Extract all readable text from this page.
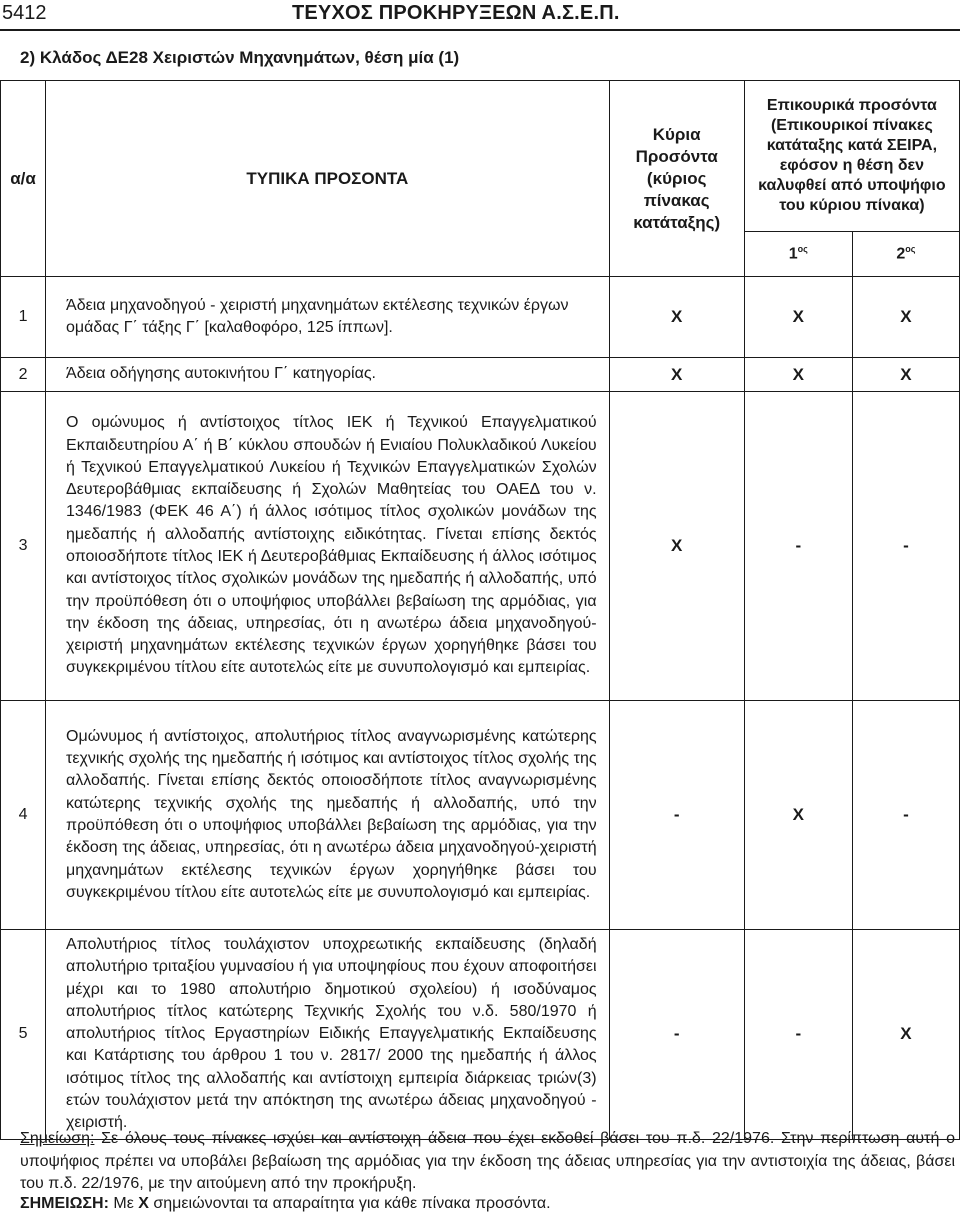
5412	ΤΕΥΧΟΣ ΠΡΟΚΗΡΥΞΕΩΝ Α.Σ.Ε.Π.
2) Κλάδος ΔΕ28 Χειριστών Μηχανημάτων, θέση μία (1)
α/α	ΤΥΠΙΚΑ ΠΡΟΣΟΝΤΑ	Κύρια Προσόντα (κύριος πίνακας κατάταξης)	Επικουρικά προσόντα (Επικουρικοί πίνακες κατάταξης κατά ΣΕΙΡΑ, εφόσον η θέση δεν καλυφθεί από υποψήφιο του κύριου πίνακα)	
			$1^{o\varsigma}$	$2^{o\varsigma}$
1	Άδεια μηχανοδηγού - χειριστή μηχανημάτων εκτέλεσης τεχνικών έργων ομάδας Γ΄ τάξης Γ΄ [καλαθοφόρο, 125 ίππων].	Χ	Χ	Χ
2	Άδεια οδήγησης αυτοκινήτου Γ΄ κατηγορίας.	Χ	Χ	Χ
3	Ο ομώνυμος ή αντίστοιχος τίτλος ΙΕΚ ή Τεχνικού Επαγγελματικού Εκπαιδευτηρίου Α΄ ή Β΄ κύκλου σπουδών ή Ενιαίου Πολυκλαδικού Λυκείου ή Τεχνικού Επαγγελματικού Λυκείου ή Τεχνικών Επαγγελματικών Σχολών Δευτεροβάθμιας εκπαίδευσης ή Σχολών Μαθητείας του ΟΑΕΔ του ν. 1346/1983 (ΦΕΚ 46 Α΄) ή άλλος ισότιμος τίτλος σχολικών μονάδων της ημεδαπής ή αλλοδαπής αντίστοιχης ειδικότητας. Γίνεται επίσης δεκτός οποιοσδήποτε τίτλος ΙΕΚ ή Δευτεροβάθμιας Εκπαίδευσης ή άλλος ισότιμος και αντίστοιχος τίτλος σχολικών μονάδων της ημεδαπής ή αλλοδαπής, υπό την προϋπόθεση ότι ο υποψήφιος υποβάλλει βεβαίωση της αρμόδιας, για την έκδοση της άδειας, υπηρεσίας, ότι η ανωτέρω άδεια μηχανοδηγού-χειριστή μηχανημάτων εκτέλεσης τεχνικών έργων χορηγήθηκε βάσει του συγκεκριμένου τίτλου είτε αυτοτελώς είτε με συνυπολογισμό και εμπειρίας.	Χ	-	-
4	Ομώνυμος ή αντίστοιχος, απολυτήριος τίτλος αναγνωρισμένης κατώτερης τεχνικής σχολής της ημεδαπής ή ισότιμος και αντίστοιχος τίτλος σχολής της αλλοδαπής. Γίνεται επίσης δεκτός οποιοσδήποτε τίτλος αναγνωρισμένης κατώτερης τεχνικής σχολής της ημεδαπής ή αλλοδαπής, υπό την προϋπόθεση ότι ο υποψήφιος υποβάλλει βεβαίωση της αρμόδιας, για την έκδοση της άδειας, υπηρεσίας, ότι η ανωτέρω άδεια μηχανοδηγού-χειριστή μηχανημάτων εκτέλεσης τεχνικών έργων χορηγήθηκε βάσει του συγκεκριμένου τίτλου είτε αυτοτελώς είτε με συνυπολογισμό και εμπειρίας.	-	Χ	-
5	Απολυτήριος τίτλος τουλάχιστον υποχρεωτικής εκπαίδευσης (δηλαδή απολυτήριο τριταξίου γυμνασίου ή για υποψηφίους που έχουν αποφοιτήσει μέχρι και το 1980 απολυτήριο δημοτικού σχολείου) ή ισοδύναμος απολυτήριος τίτλος κατώτερης Τεχνικής Σχολής του ν.δ. 580/1970 ή απολυτήριος τίτλος Εργαστηρίων Ειδικής Επαγγελματικής Εκπαίδευσης και Κατάρτισης του άρθρου 1 του ν. 2817/ 2000 της ημεδαπής ή άλλος ισότιμος τίτλος της αλλοδαπής και αντίστοιχη εμπειρία διάρκειας τριών(3) ετών τουλάχιστον μετά την απόκτηση της ανωτέρω άδειας μηχανοδηγού - χειριστή.	-	-	Χ
Σημείωση: Σε όλους τους πίνακες ισχύει και αντίστοιχη άδεια που έχει εκδοθεί βάσει του π.δ. 22/1976. Στην περίπτωση αυτή ο υποψήφιος πρέπει να υποβάλει βεβαίωση της αρμόδιας για την έκδοση της άδειας υπηρεσίας για την αντιστοιχία της άδειας, βάσει του π.δ. 22/1976, με την αιτούμενη από την προκήρυξη.
ΣΗΜΕΙΩΣΗ: Με Χ σημειώνονται τα απαραίτητα για κάθε πίνακα προσόντα.
